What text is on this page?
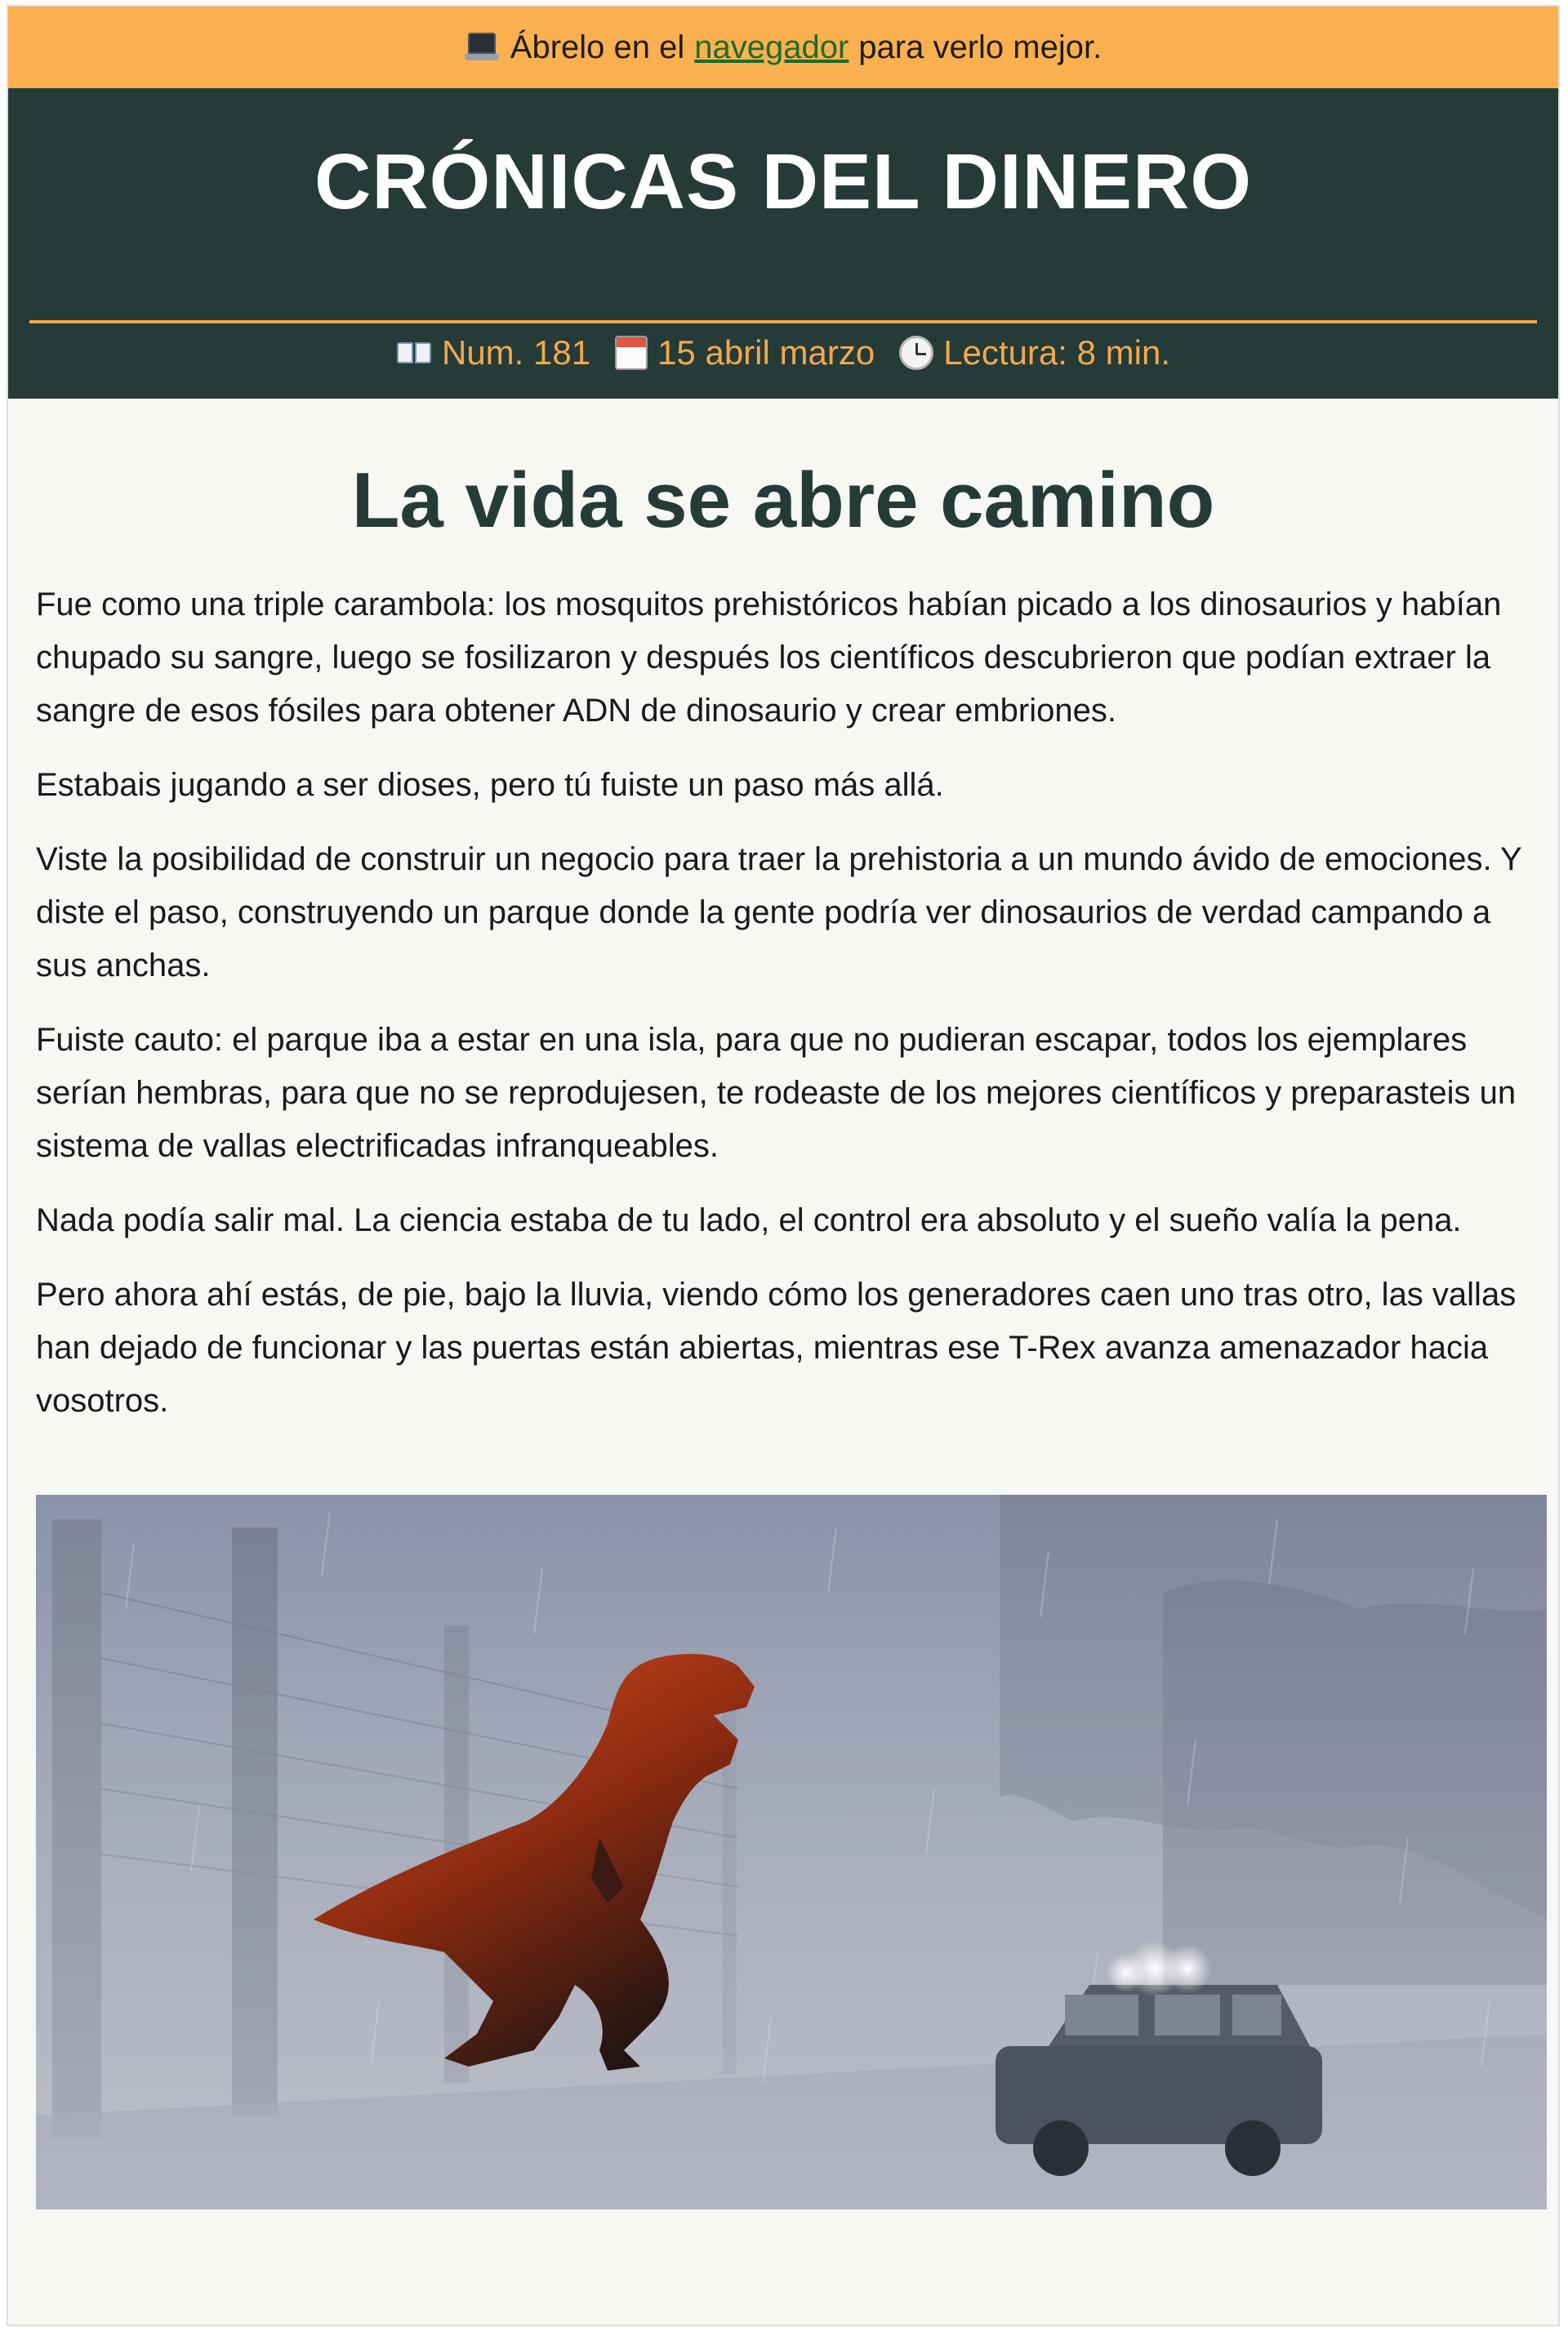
Ábrelo en el navegador para verlo mejor.
CRÓNICAS DEL DINERO
Num. 181 15 abril marzo Lectura: 8 min.
La vida se abre camino

Fue como una triple carambola: los mosquitos prehistóricos habían picado a los dinosaurios y habían chupado su sangre, luego se fosilizaron y después los científicos descubrieron que podían extraer la sangre de esos fósiles para obtener ADN de dinosaurio y crear embriones.

Estabais jugando a ser dioses, pero tú fuiste un paso más allá.

Viste la posibilidad de construir un negocio para traer la prehistoria a un mundo ávido de emociones. Y diste el paso, construyendo un parque donde la gente podría ver dinosaurios de verdad campando a sus anchas.

Fuiste cauto: el parque iba a estar en una isla, para que no pudieran escapar, todos los ejemplares serían hembras, para que no se reprodujesen, te rodeaste de los mejores científicos y preparasteis un sistema de vallas electrificadas infranqueables.

Nada podía salir mal. La ciencia estaba de tu lado, el control era absoluto y el sueño valía la pena.

Pero ahora ahí estás, de pie, bajo la lluvia, viendo cómo los generadores caen uno tras otro, las vallas han dejado de funcionar y las puertas están abiertas, mientras ese T-Rex avanza amenazador hacia vosotros.
